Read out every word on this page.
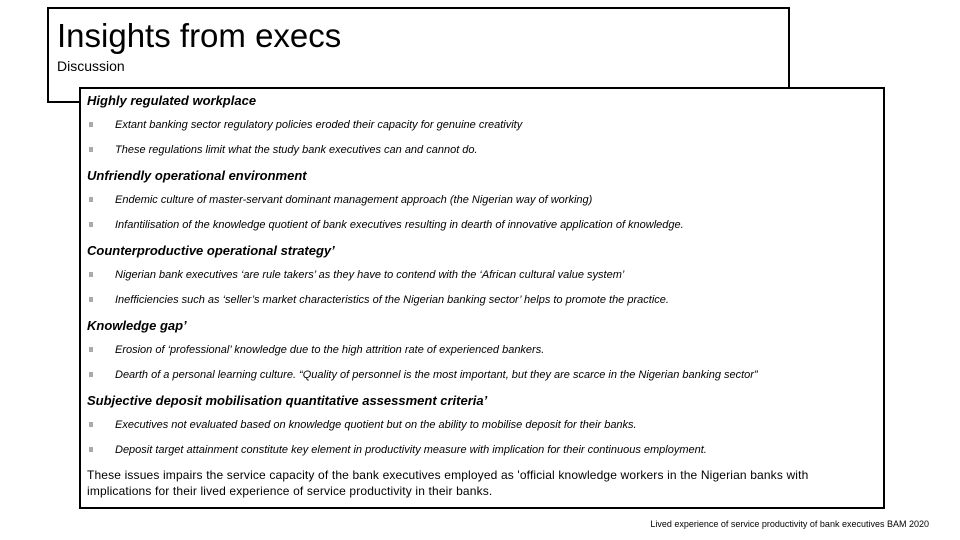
Insights from execs
Discussion
Highly regulated workplace
Extant banking sector regulatory policies eroded their capacity for genuine creativity
These regulations limit what the study bank executives can and cannot do.
Unfriendly operational environment
Endemic culture of master-servant dominant management approach (the Nigerian way of working)
Infantilisation of the knowledge quotient of bank executives resulting in dearth of innovative application of knowledge.
Counterproductive operational strategy’
Nigerian bank executives ‘are rule takers’ as they have to contend with the ‘African cultural value system’
Inefficiencies such as ‘seller’s market characteristics of the Nigerian banking sector’ helps to promote the practice.
Knowledge gap’
Erosion of ‘professional’ knowledge due to the high attrition rate of experienced bankers.
Dearth of a personal learning culture. “Quality of personnel is the most important, but they are scarce in the Nigerian banking sector”
Subjective deposit mobilisation quantitative assessment criteria’
Executives not evaluated based on knowledge quotient but on the ability to mobilise deposit for their banks.
Deposit target attainment constitute key element in productivity measure with implication for their continuous employment.
These issues impairs the service capacity of the bank executives employed as 'official knowledge workers in the Nigerian banks with implications for their lived experience of service productivity in their banks.
Lived experience of service productivity of bank executives BAM 2020
